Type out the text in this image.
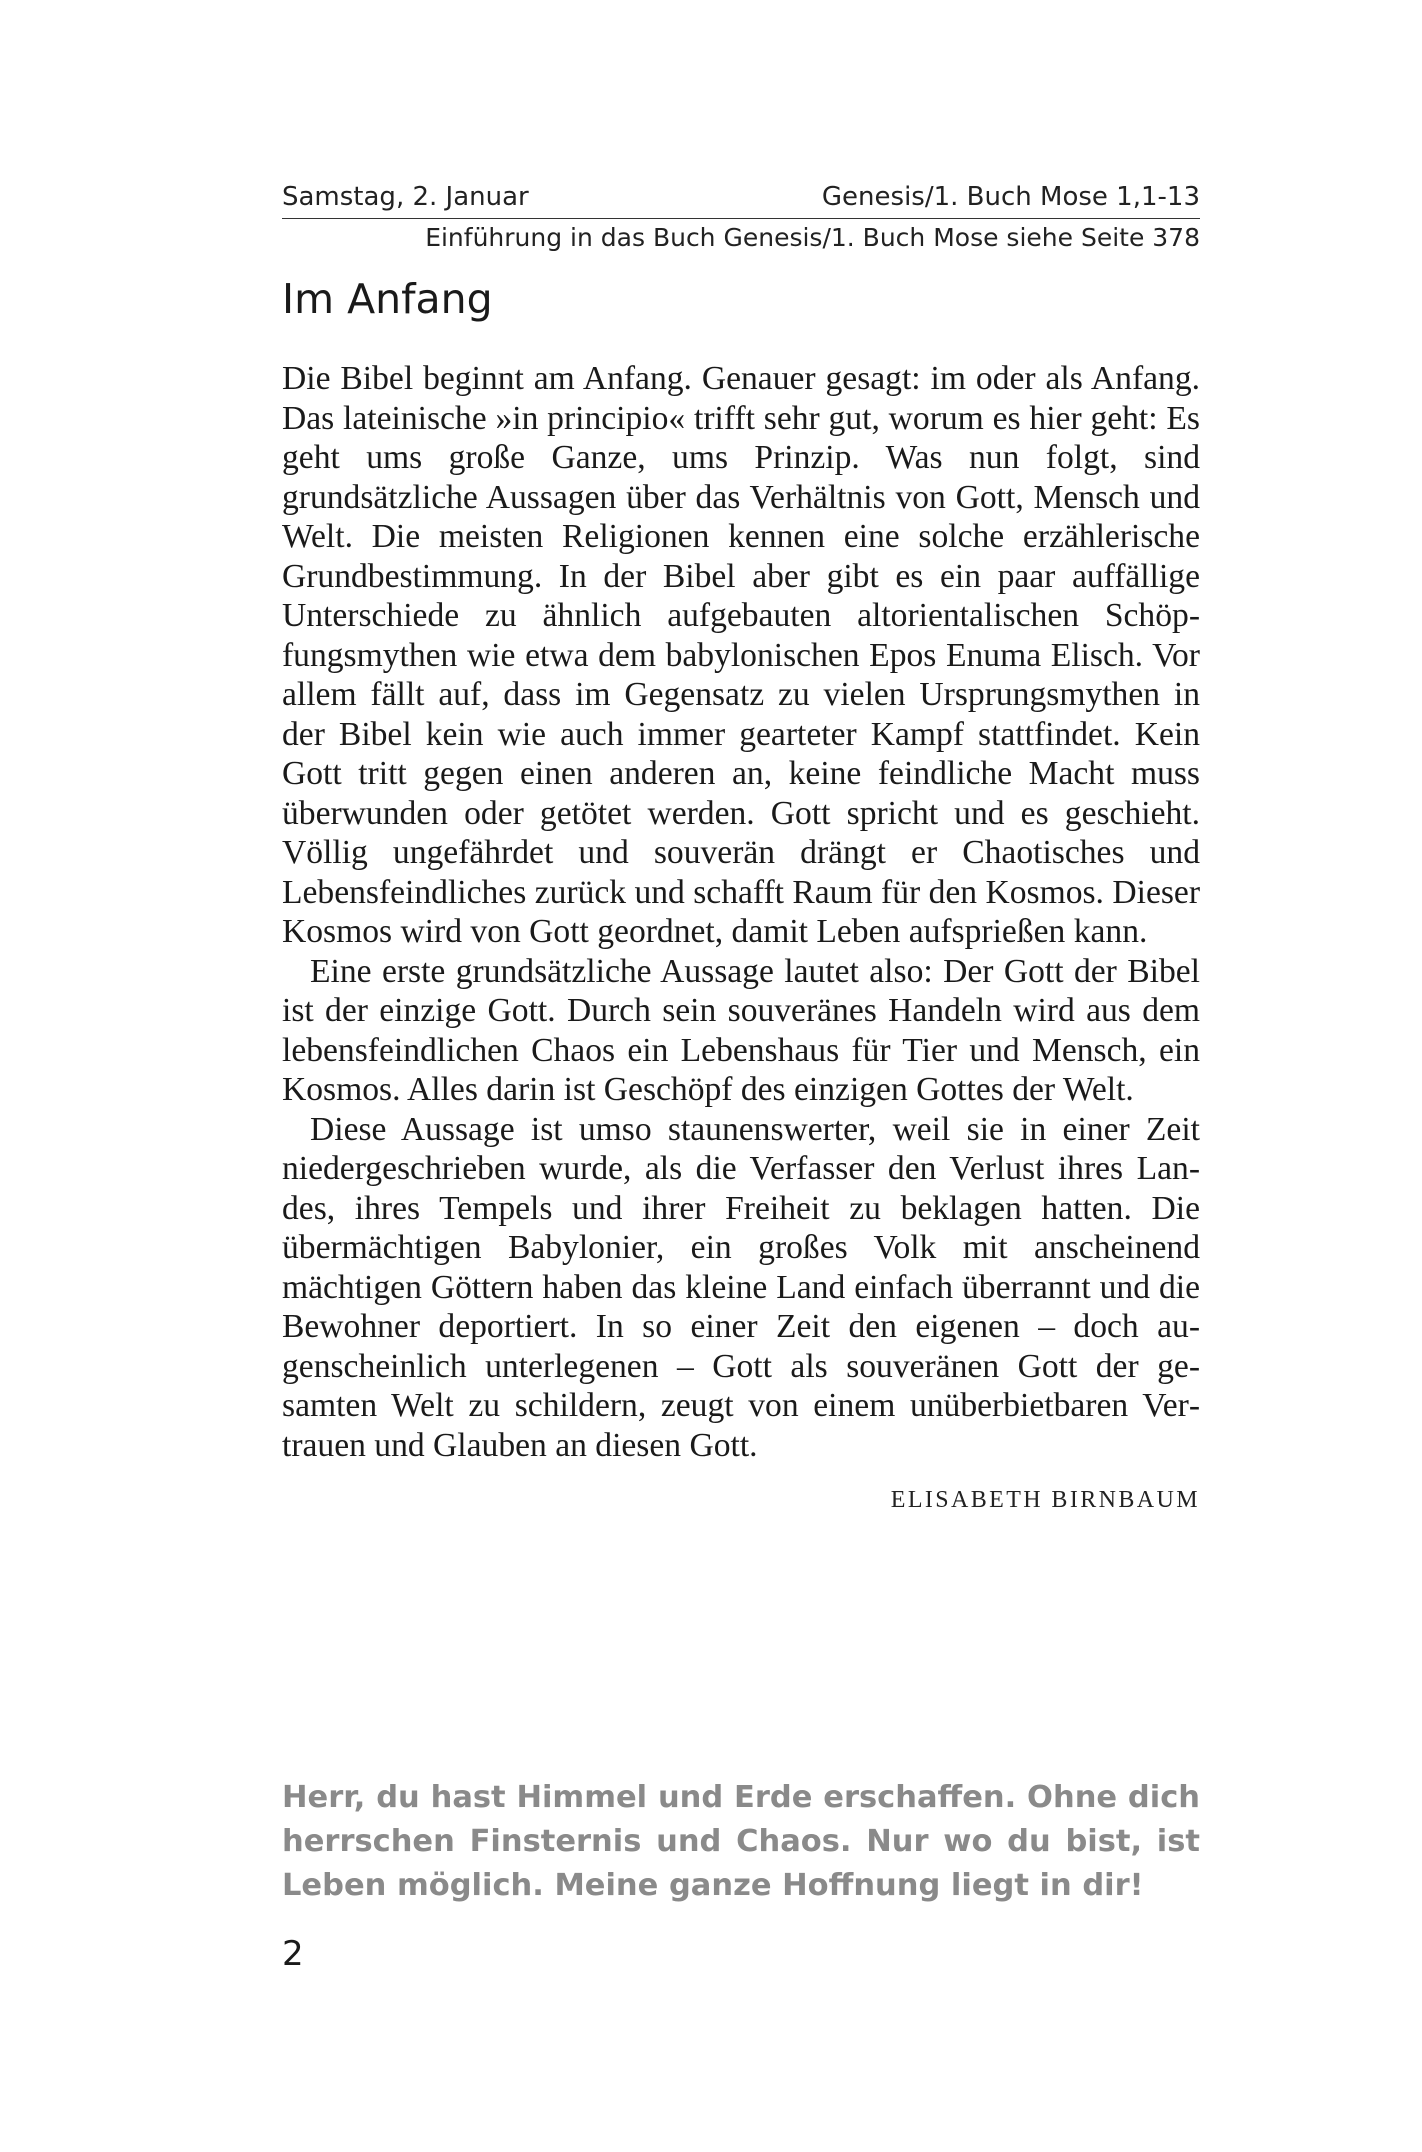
Samstag, 2. Januar	Genesis/1. Buch Mose 1,1-13
Einführung in das Buch Genesis/1. Buch Mose siehe Seite 378
Im Anfang

Die Bibel beginnt am Anfang. Genauer gesagt: im oder als Anfang. Das lateinische »in principio« trifft sehr gut, worum es hier geht: Es geht ums große Ganze, ums Prinzip. Was nun folgt, sind grundsätzliche Aussagen über das Verhältnis von Gott, Mensch und Welt. Die meisten Religionen kennen eine solche erzählerische Grundbestimmung. In der Bibel aber gibt es ein paar auffällige Unterschiede zu ähnlich aufgebauten altorientalischen Schöpfungsmythen wie etwa dem babylonischen Epos Enuma Elisch. Vor allem fällt auf, dass im Gegensatz zu vielen Ursprungsmythen in der Bibel kein wie auch immer gearteter Kampf stattfindet. Kein Gott tritt gegen einen anderen an, keine feindliche Macht muss überwunden oder getötet werden. Gott spricht und es geschieht. Völlig ungefährdet und souverän drängt er Chaotisches und Lebensfeindliches zurück und schafft Raum für den Kosmos. Dieser Kosmos wird von Gott geordnet, damit Leben aufsprießen kann.

Eine erste grundsätzliche Aussage lautet also: Der Gott der Bibel ist der einzige Gott. Durch sein souveränes Handeln wird aus dem lebensfeindlichen Chaos ein Lebenshaus für Tier und Mensch, ein Kosmos. Alles darin ist Geschöpf des einzigen Gottes der Welt.

Diese Aussage ist umso staunenswerter, weil sie in einer Zeit niedergeschrieben wurde, als die Verfasser den Verlust ihres Landes, ihres Tempels und ihrer Freiheit zu beklagen hatten. Die übermächtigen Babylonier, ein großes Volk mit anscheinend mächtigen Göttern haben das kleine Land einfach überrannt und die Bewohner deportiert. In so einer Zeit den eigenen – doch augenscheinlich unterlegenen – Gott als souveränen Gott der gesamten Welt zu schildern, zeugt von einem unüberbietbaren Vertrauen und Glauben an diesen Gott.

ELISABETH BIRNBAUM
Herr, du hast Himmel und Erde erschaffen. Ohne dich herrschen Finsternis und Chaos. Nur wo du bist, ist Leben möglich. Meine ganze Hoffnung liegt in dir!
2
